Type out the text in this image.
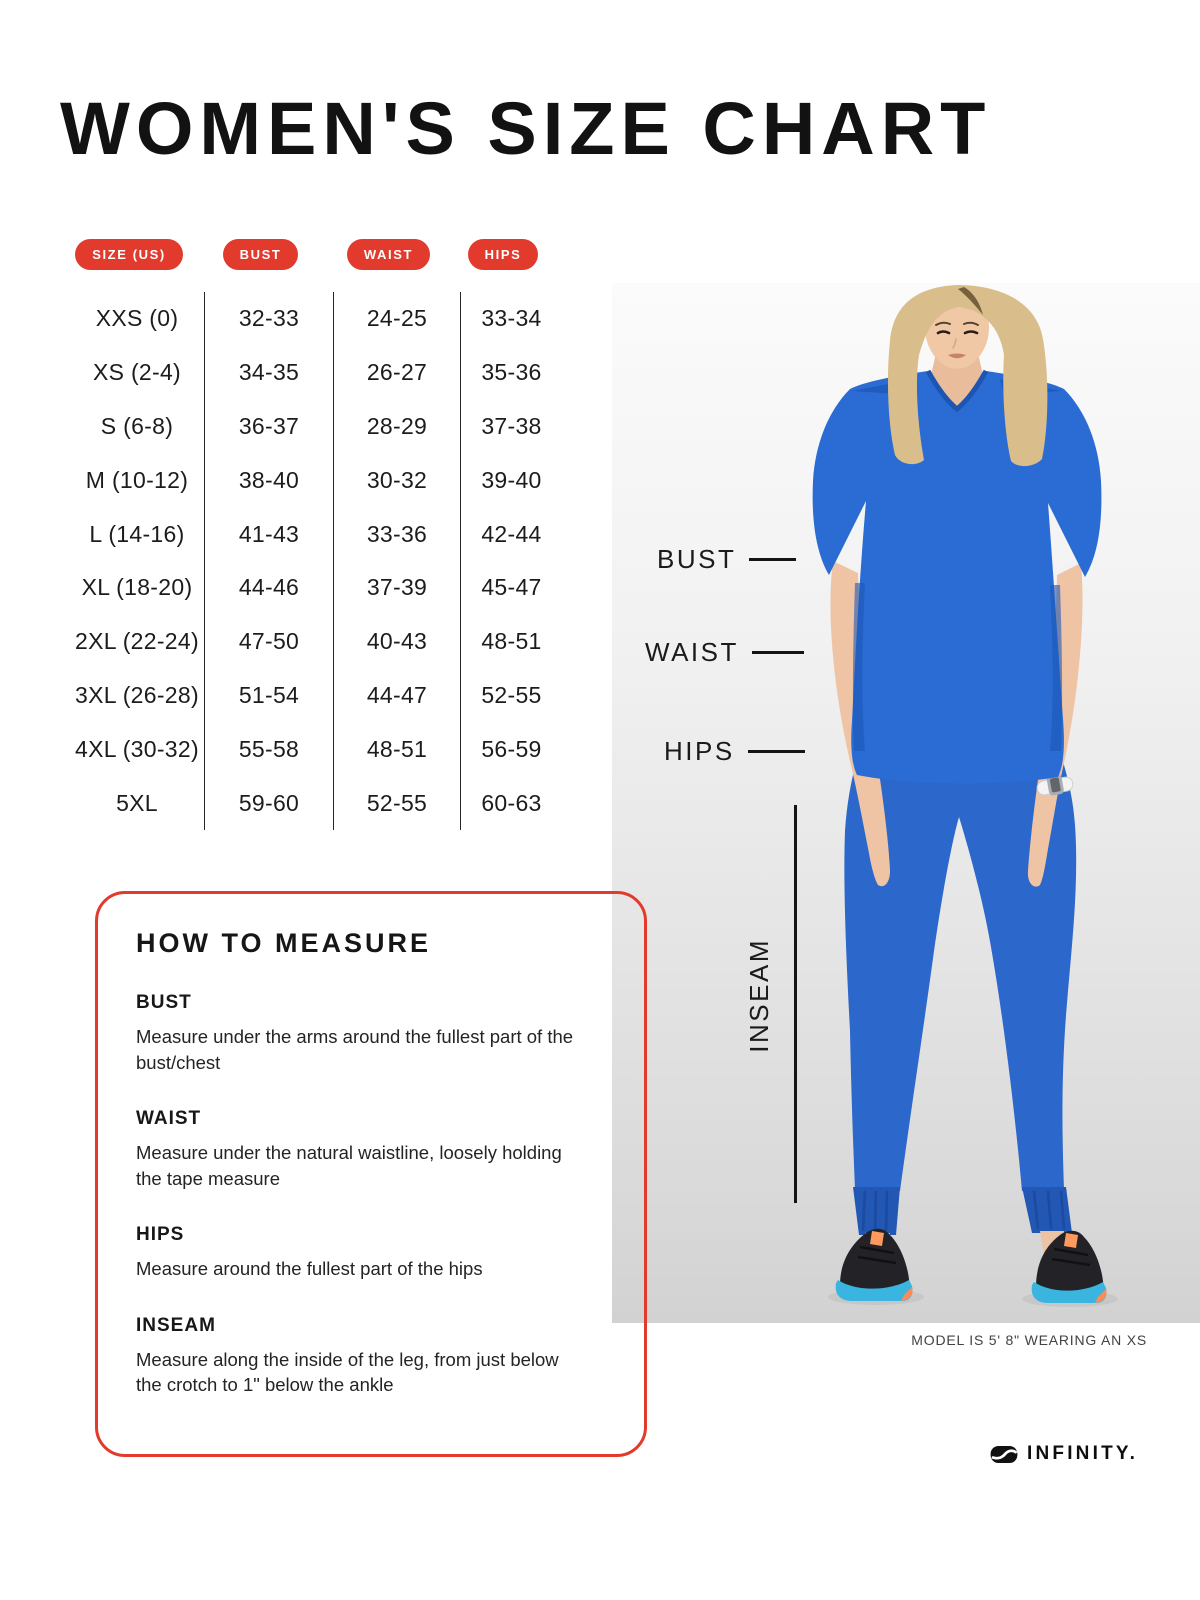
WOMEN'S SIZE CHART
SIZE (US)	BUST	WAIST	HIPS
XXS (0)	32-33	24-25	33-34
XS (2-4)	34-35	26-27	35-36
S (6-8)	36-37	28-29	37-38
M (10-12)	38-40	30-32	39-40
L (14-16)	41-43	33-36	42-44
XL (18-20)	44-46	37-39	45-47
2XL (22-24)	47-50	40-43	48-51
3XL (26-28)	51-54	44-47	52-55
4XL (30-32)	55-58	48-51	56-59
5XL	59-60	52-55	60-63
HOW TO MEASURE
BUST
Measure under the arms around the fullest part of the bust/chest
WAIST
Measure under the natural waistline, loosely holding the tape measure
HIPS
Measure around the fullest part of the hips
INSEAM
Measure along the inside of the leg, from just below the crotch to 1" below the ankle
BUST
WAIST
HIPS
INSEAM
MODEL IS 5' 8" WEARING AN XS
INFINITY.
